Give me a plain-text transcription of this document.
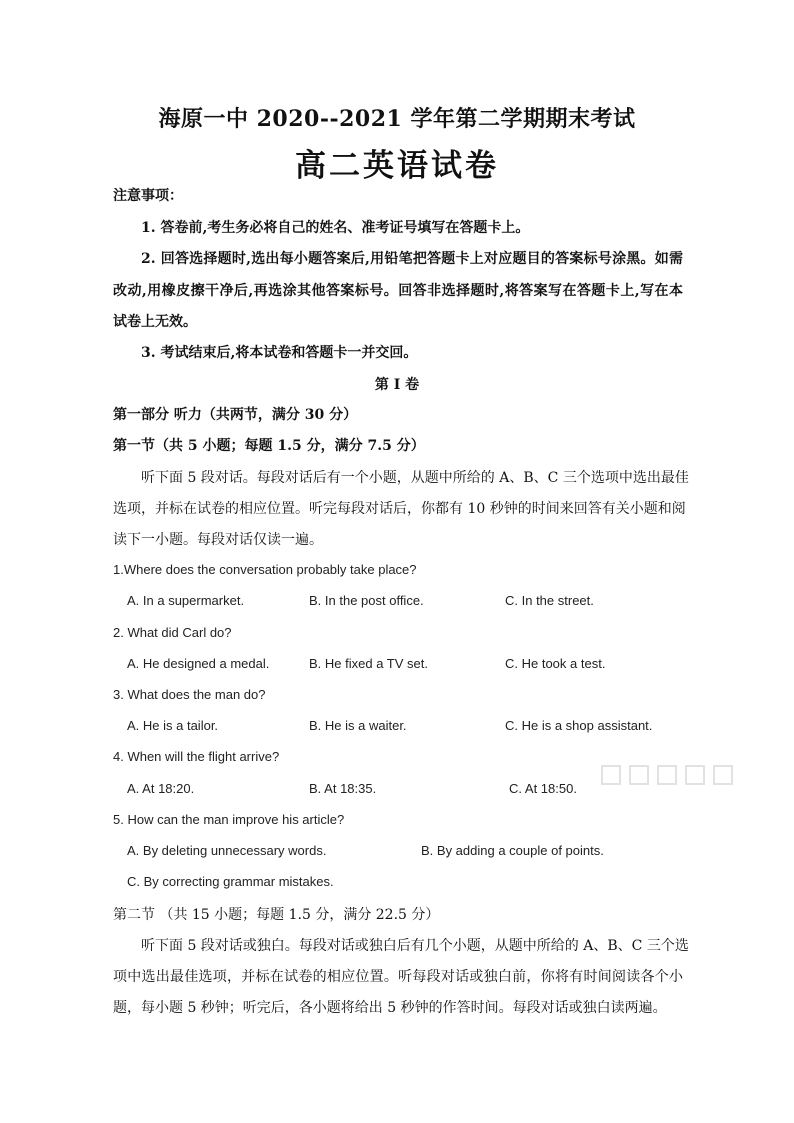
海原一中 2020--2021 学年第二学期期末考试
高二英语试卷
注意事项：
1. 答卷前,考生务必将自己的姓名、准考证号填写在答题卡上。
2. 回答选择题时,选出每小题答案后,用铅笔把答题卡上对应题目的答案标号涂黑。如需
改动,用橡皮擦干净后,再选涂其他答案标号。回答非选择题时,将答案写在答题卡上,写在本
试卷上无效。
3. 考试结束后,将本试卷和答题卡一并交回。
第 I 卷
第一部分 听力（共两节，满分 30 分）
第一节（共 5 小题；每题 1.5 分，满分 7.5 分）
听下面 5 段对话。每段对话后有一个小题，从题中所给的 A、B、C 三个选项中选出最佳
选项，并标在试卷的相应位置。听完每段对话后，你都有 10 秒钟的时间来回答有关小题和阅
读下一小题。每段对话仅读一遍。
1.Where does the conversation probably take place?
A. In a supermarket.	B. In the post office.	C. In the street.
2. What did Carl do?
A. He designed a medal.	B. He fixed a TV set.	C. He took a test.
3. What does the man do?
A. He is a tailor.	B. He is a waiter.	C. He is a shop assistant.
4. When will the flight arrive?
A. At 18:20.	B. At 18:35.	C. At 18:50.
5. How can the man improve his article?
A. By deleting unnecessary words.	B. By adding a couple of points.
C. By correcting grammar mistakes.
第二节 （共 15 小题；每题 1.5 分，满分 22.5 分）
听下面 5 段对话或独白。每段对话或独白后有几个小题，从题中所给的 A、B、C 三个选
项中选出最佳选项，并标在试卷的相应位置。听每段对话或独白前，你将有时间阅读各个小
题，每小题 5 秒钟；听完后，各小题将给出 5 秒钟的作答时间。每段对话或独白读两遍。
